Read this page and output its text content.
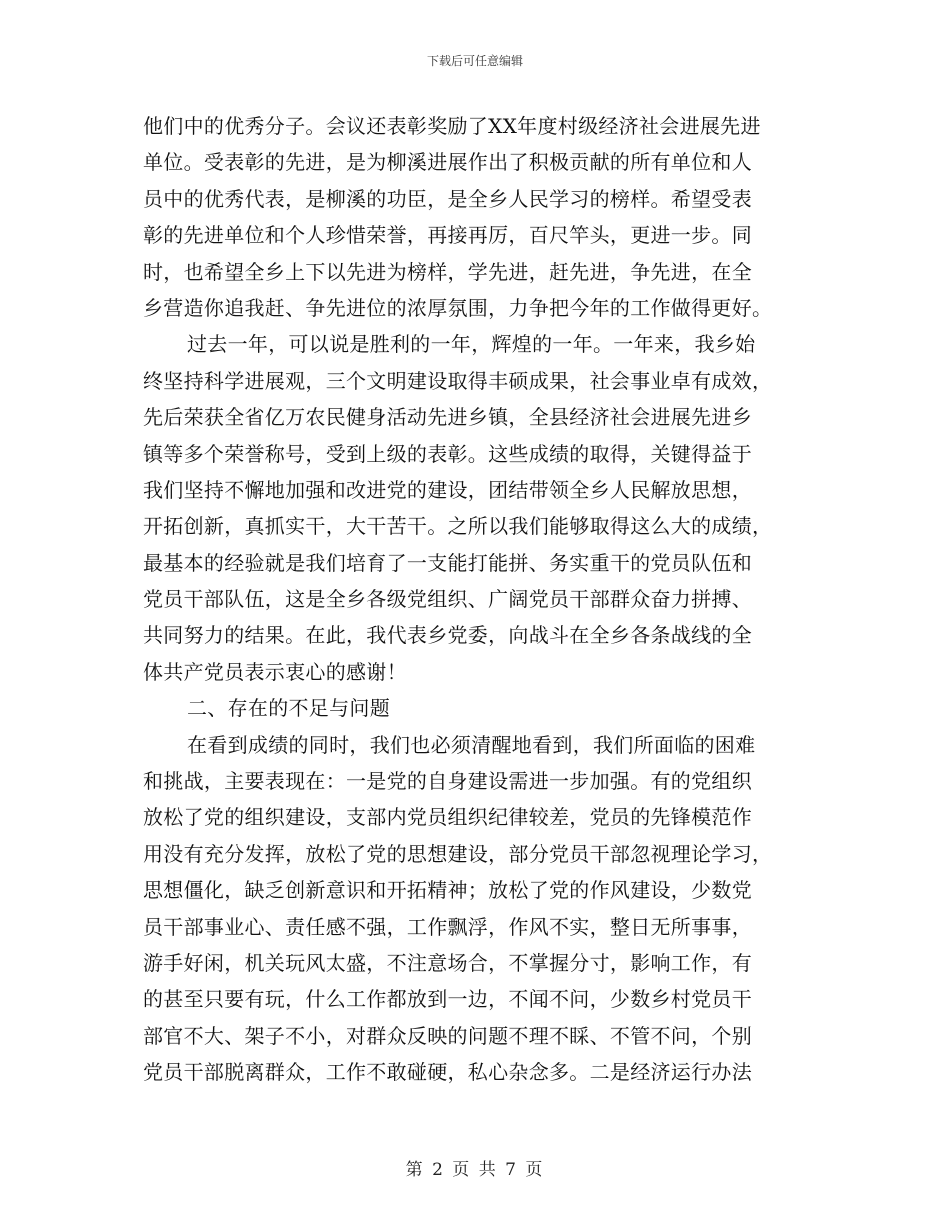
下载后可任意编辑
他们中的优秀分子。会议还表彰奖励了XX年度村级经济社会进展先进
单位。受表彰的先进，是为柳溪进展作出了积极贡献的所有单位和人
员中的优秀代表，是柳溪的功臣，是全乡人民学习的榜样。希望受表
彰的先进单位和个人珍惜荣誉，再接再厉，百尺竿头，更进一步。同
时，也希望全乡上下以先进为榜样，学先进，赶先进，争先进，在全
乡营造你追我赶、争先进位的浓厚氛围，力争把今年的工作做得更好。
过去一年，可以说是胜利的一年，辉煌的一年。一年来，我乡始
终坚持科学进展观，三个文明建设取得丰硕成果，社会事业卓有成效，
先后荣获全省亿万农民健身活动先进乡镇，全县经济社会进展先进乡
镇等多个荣誉称号，受到上级的表彰。这些成绩的取得，关键得益于
我们坚持不懈地加强和改进党的建设，团结带领全乡人民解放思想，
开拓创新，真抓实干，大干苦干。之所以我们能够取得这么大的成绩，
最基本的经验就是我们培育了一支能打能拼、务实重干的党员队伍和
党员干部队伍，这是全乡各级党组织、广阔党员干部群众奋力拼搏、
共同努力的结果。在此，我代表乡党委，向战斗在全乡各条战线的全
体共产党员表示衷心的感谢！
二、存在的不足与问题
在看到成绩的同时，我们也必须清醒地看到，我们所面临的困难
和挑战，主要表现在：一是党的自身建设需进一步加强。有的党组织
放松了党的组织建设，支部内党员组织纪律较差，党员的先锋模范作
用没有充分发挥，放松了党的思想建设，部分党员干部忽视理论学习，
思想僵化，缺乏创新意识和开拓精神；放松了党的作风建设，少数党
员干部事业心、责任感不强，工作飘浮，作风不实，整日无所事事，
游手好闲，机关玩风太盛，不注意场合，不掌握分寸，影响工作，有
的甚至只要有玩，什么工作都放到一边，不闻不问，少数乡村党员干
部官不大、架子不小，对群众反映的问题不理不睬、不管不问，个别
党员干部脱离群众，工作不敢碰硬，私心杂念多。二是经济运行办法
第 2 页 共 7 页
